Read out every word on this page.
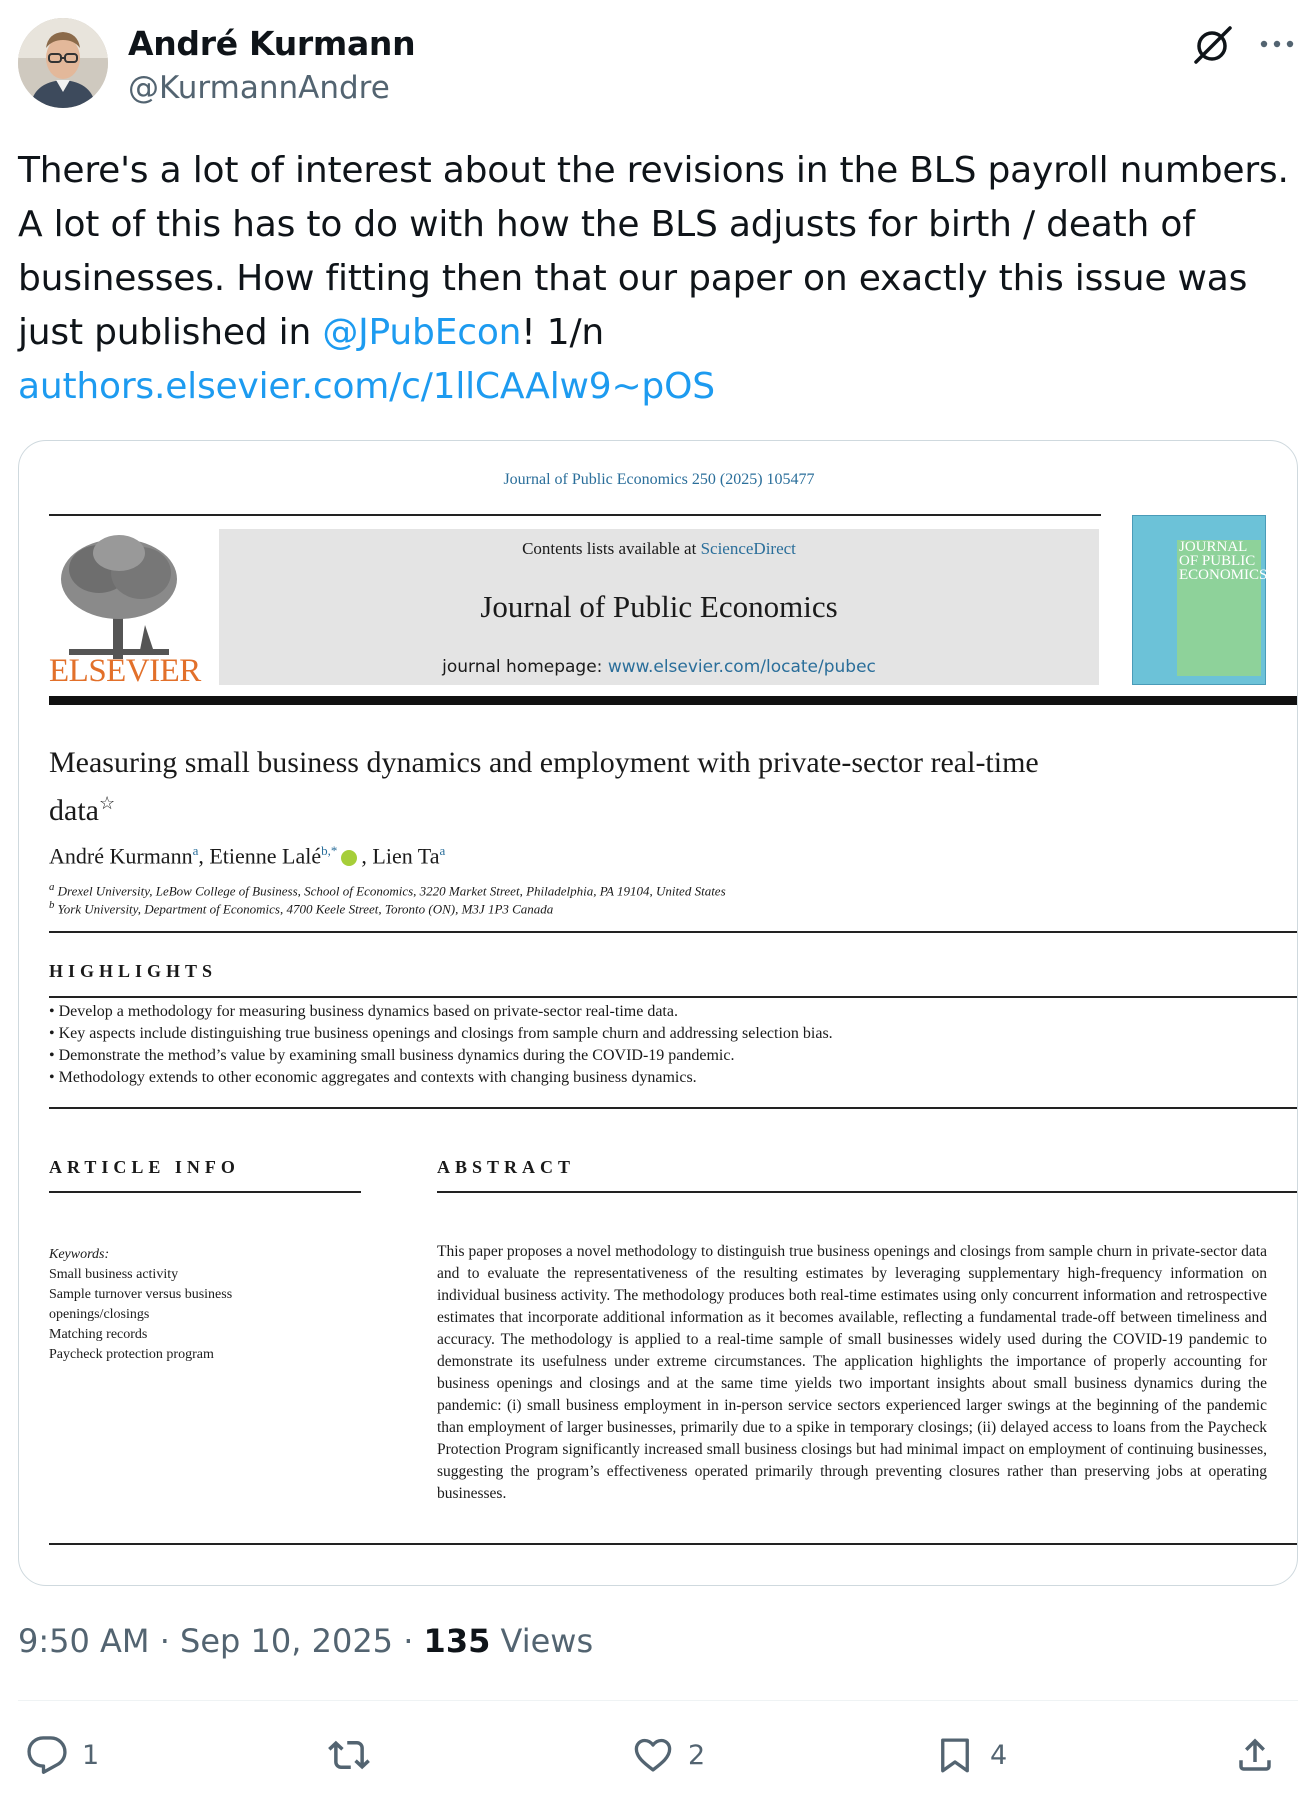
André Kurmann
@KurmannAndre
There's a lot of interest about the revisions in the BLS payroll numbers. A lot of this has to do with how the BLS adjusts for birth / death of businesses. How fitting then that our paper on exactly this issue was just published in @JPubEcon! 1/n
authors.elsevier.com/c/1llCAAlw9~pOS
Journal of Public Economics 250 (2025) 105477
ELSEVIER
Contents lists available at ScienceDirect
Journal of Public Economics
journal homepage: www.elsevier.com/locate/pubec
JOURNAL OF PUBLIC ECONOMICS
Measuring small business dynamics and employment with private-sector real-time data☆
André Kurmann$^a$, Etienne Lalé$^{b,*}$ , Lien Ta$^a$
$^a$ Drexel University, LeBow College of Business, School of Economics, 3220 Market Street, Philadelphia, PA 19104, United States
$^b$ York University, Department of Economics, 4700 Keele Street, Toronto (ON), M3J 1P3 Canada
HIGHLIGHTS
• Develop a methodology for measuring business dynamics based on private-sector real-time data.
• Key aspects include distinguishing true business openings and closings from sample churn and addressing selection bias.
• Demonstrate the method’s value by examining small business dynamics during the COVID-19 pandemic.
• Methodology extends to other economic aggregates and contexts with changing business dynamics.
ARTICLE INFO
Keywords:
Small business activity
Sample turnover versus business
openings/closings
Matching records
Paycheck protection program
ABSTRACT
This paper proposes a novel methodology to distinguish true business openings and closings from sample churn in private-sector data and to evaluate the representativeness of the resulting estimates by leveraging supplementary high-frequency information on individual business activity. The methodology produces both real-time estimates using only concurrent information and retrospective estimates that incorporate additional information as it becomes available, reflecting a fundamental trade-off between timeliness and accuracy. The methodology is applied to a real-time sample of small businesses widely used during the COVID-19 pandemic to demonstrate its usefulness under extreme circumstances. The application highlights the importance of properly accounting for business openings and closings and at the same time yields two important insights about small business dynamics during the pandemic: (i) small business employment in in-person service sectors experienced larger swings at the beginning of the pandemic than employment of larger businesses, primarily due to a spike in temporary closings; (ii) delayed access to loans from the Paycheck Protection Program significantly increased small business closings but had minimal impact on employment of continuing businesses, suggesting the program’s effectiveness operated primarily through preventing closures rather than preserving jobs at operating businesses.
9:50 AM · Sep 10, 2025 · 135 Views
1	2	4
